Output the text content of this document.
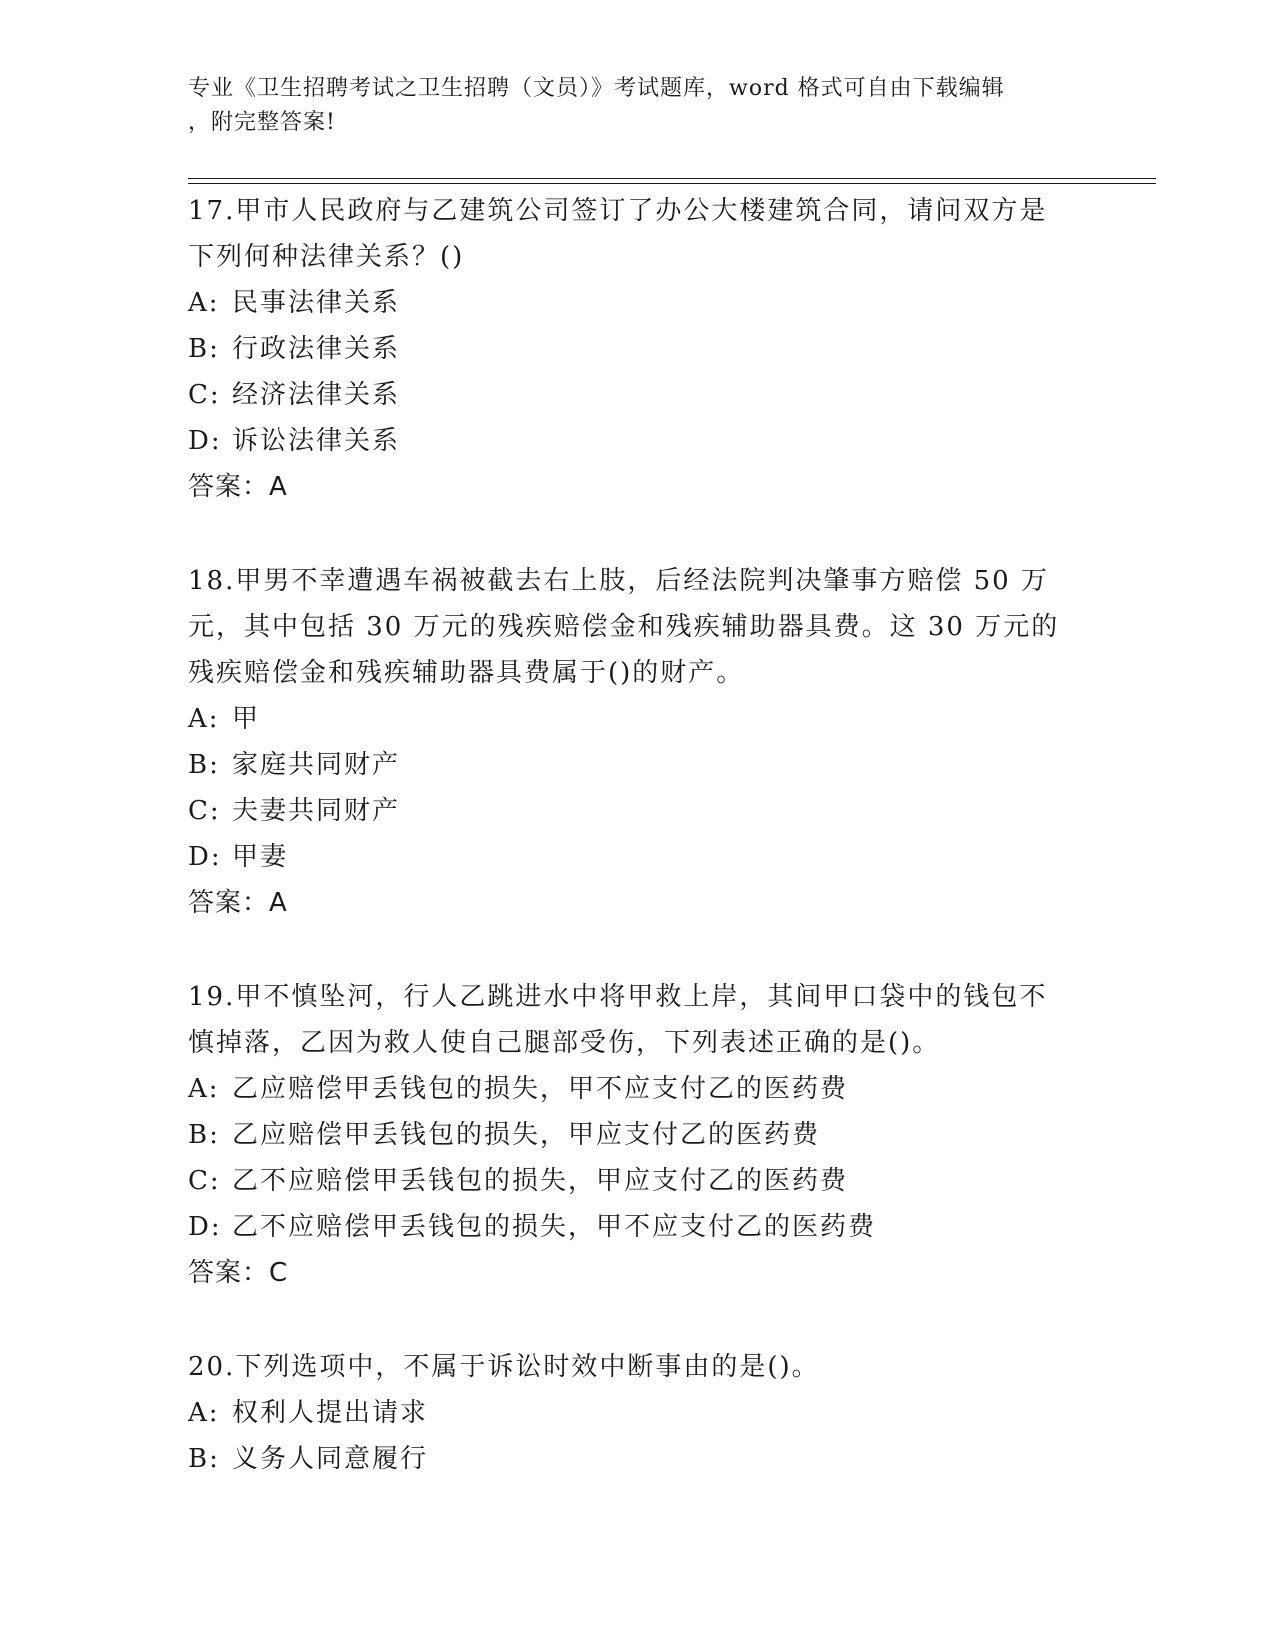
专业《卫生招聘考试之卫生招聘（文员）》考试题库，word 格式可自由下载编辑
，附完整答案!
17.甲市人民政府与乙建筑公司签订了办公大楼建筑合同，请问双方是
下列何种法律关系？()
A: 民事法律关系
B: 行政法律关系
C: 经济法律关系
D: 诉讼法律关系
答案：A
18.甲男不幸遭遇车祸被截去右上肢，后经法院判决肇事方赔偿 50 万
元，其中包括 30 万元的残疾赔偿金和残疾辅助器具费。这 30 万元的
残疾赔偿金和残疾辅助器具费属于()的财产。
A: 甲
B: 家庭共同财产
C: 夫妻共同财产
D: 甲妻
答案：A
19.甲不慎坠河，行人乙跳进水中将甲救上岸，其间甲口袋中的钱包不
慎掉落，乙因为救人使自己腿部受伤，下列表述正确的是()。
A: 乙应赔偿甲丢钱包的损失，甲不应支付乙的医药费
B: 乙应赔偿甲丢钱包的损失，甲应支付乙的医药费
C: 乙不应赔偿甲丢钱包的损失，甲应支付乙的医药费
D: 乙不应赔偿甲丢钱包的损失，甲不应支付乙的医药费
答案：C
20.下列选项中，不属于诉讼时效中断事由的是()。
A: 权利人提出请求
B: 义务人同意履行
